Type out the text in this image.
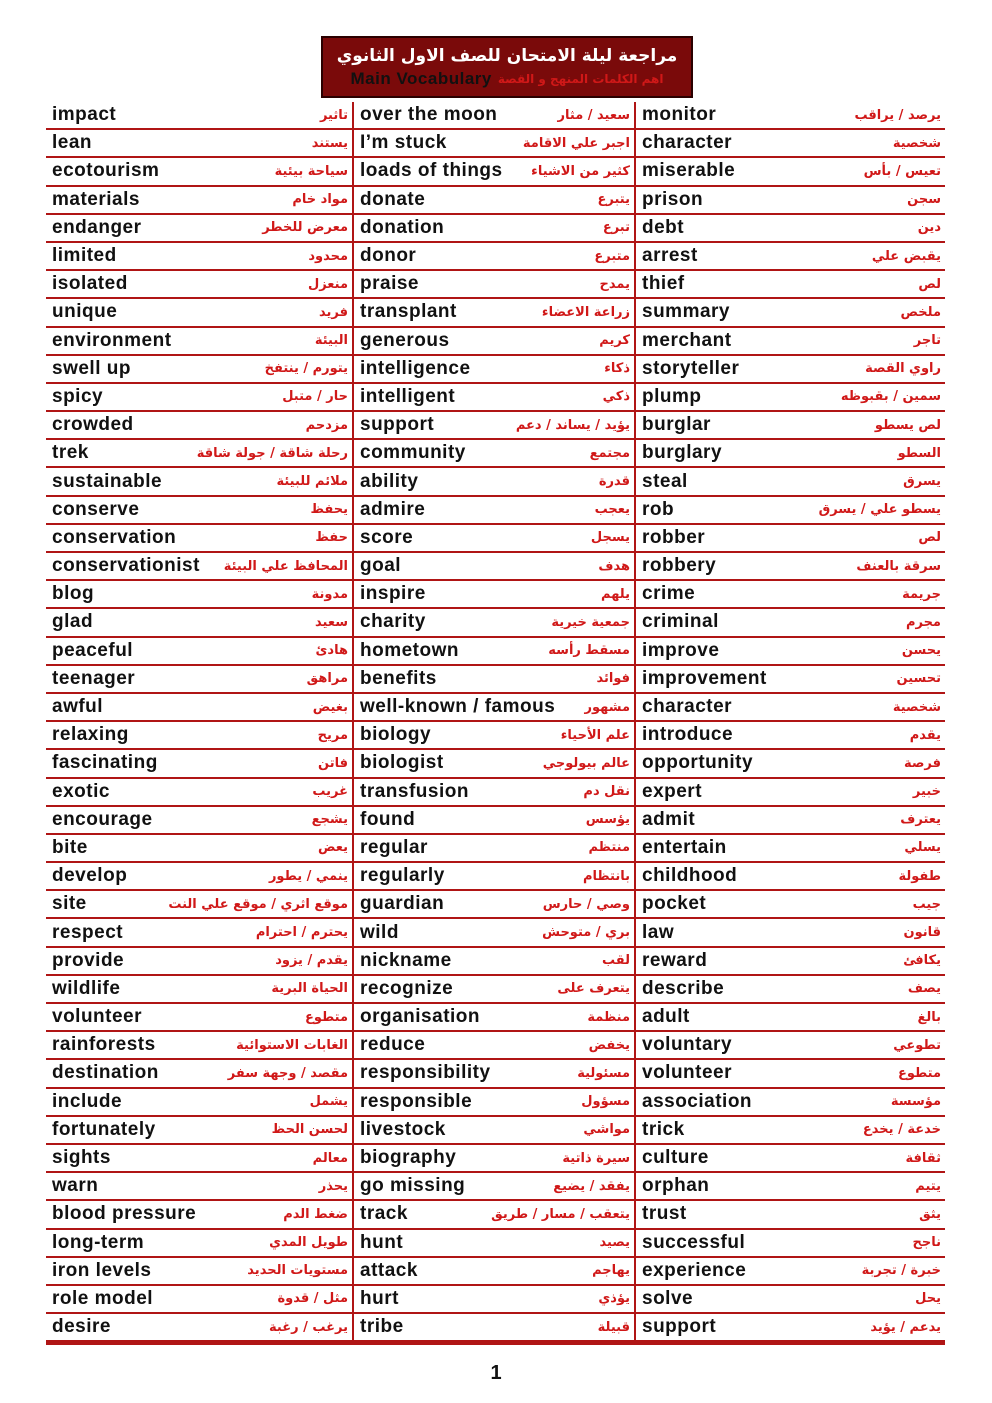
مراجعة ليلة الامتحان للصف الاول الثانوي
Main Vocabulary اهم الكلمات المنهج و القصة
impact	تاثير
lean	يستند
ecotourism	سياحة بيئية
materials	مواد خام
endanger	معرض للخطر
limited	محدود
isolated	منعزل
unique	فريد
environment	البيئة
swell up	يتورم / ينتفخ
spicy	حار / متبل
crowded	مزدحم
trek	رحلة شاقة / جولة شاقة
sustainable	ملائم للبيئة
conserve	يحفظ
conservation	حفظ
conservationist المحافظ علي البيئة
blog	مدونة
glad	سعيد
peaceful	هادئ
teenager	مراهق
awful	بغيض
relaxing	مريح
fascinating	فاتن
exotic	غريب
encourage	يشجع
bite	يعض
develop	ينمي / يطور
site	موقع اثري / موقع علي النت
respect	يحترم / احترام
provide	يقدم / يزود
wildlife	الحياة البرية
volunteer	متطوع
rainforests	الغابات الاستوائية
destination	مقصد / وجهة سفر
include	يشمل
fortunately	لحسن الحظ
sights	معالم
warn	يحذر
blood pressure	ضغط الدم
long-term	طويل المدي
iron levels	مستويات الحديد
role model	مثل / قدوة
desire	يرغب / رغبة
over the moon	سعيد / مثار
I’m stuck	اجبر علي الاقامة
loads of things كثير من الاشياء
donate	يتبرع
donation	تبرع
donor	متبرع
praise	يمدح
transplant	زراعة الاعضاء
generous	كريم
intelligence	ذكاء
intelligent	ذكي
support	يؤيد / يساند / دعم
community	مجتمع
ability	قدرة
admire	يعجب
score	يسجل
goal	هدف
inspire	يلهم
charity	جمعية خيرية
hometown	مسقط رأسه
benefits	فوائد
well-known / famous مشهور
biology	علم الأحياء
biologist	عالم بيولوجي
transfusion	نقل دم
found	يؤسس
regular	منتظم
regularly	بانتظام
guardian	وصي / حارس
wild	بري / متوحش
nickname	لقب
recognize	يتعرف على
organisation	منظمة
reduce	يخفض
responsibility	مسئولية
responsible	مسؤول
livestock	مواشي
biography	سيرة ذاتية
go missing	يفقد / يضيع
track	يتعقب / مسار / طريق
hunt	يصيد
attack	يهاجم
hurt	يؤذي
tribe	قبيلة
monitor	يرصد / يراقب
character	شخصية
miserable	تعيس / بأس
prison	سجن
debt	دين
arrest	يقبض علي
thief	لص
summary	ملخص
merchant	تاجر
storyteller	راوي القصة
plump	سمين / بقبوظه
burglar	لص يسطو
burglary	السطو
steal	يسرق
rob	يسطو علي / يسرق
robber	لص
robbery	سرقة بالعنف
crime	جريمة
criminal	مجرم
improve	يحسن
improvement	تحسين
character	شخصية
introduce	يقدم
opportunity	فرصة
expert	خبير
admit	يعترف
entertain	يسلي
childhood	طفولة
pocket	جيب
law	قانون
reward	يكافئ
describe	يصف
adult	بالغ
voluntary	تطوعي
volunteer	متطوع
association	مؤسسة
trick	خدعة / يخدع
culture	ثقافة
orphan	يتيم
trust	يثق
successful	ناجح
experience	خبرة / تجربة
solve	يحل
support	يدعم / يؤيد
1
